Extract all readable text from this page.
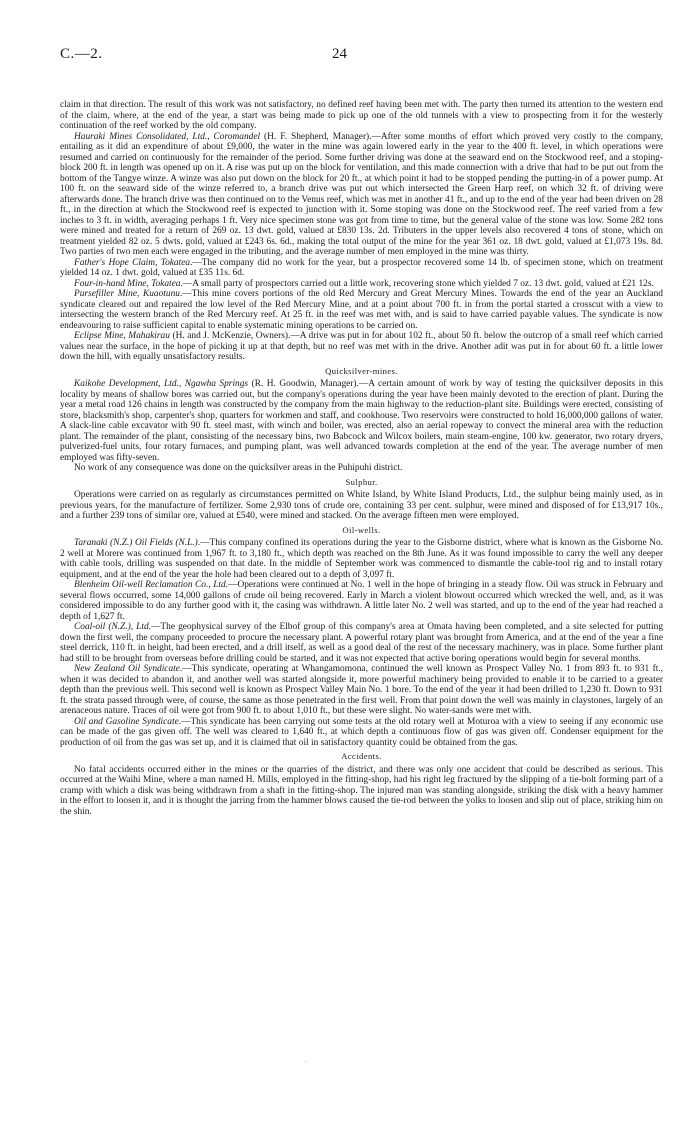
C.—2.	24

claim in that direction. The result of this work was not satisfactory, no defined reef having been met with. The party then turned its attention to the western end of the claim, where, at the end of the year, a start was being made to pick up one of the old tunnels with a view to prospecting from it for the westerly continuation of the reef worked by the old company.

Hauraki Mines Consolidated, Ltd., Coromandel (H. F. Shepherd, Manager).—After some months of effort which proved very costly to the company, entailing as it did an expenditure of about £9,000, the water in the mine was again lowered early in the year to the 400 ft. level, in which operations were resumed and carried on continuously for the remainder of the period. Some further driving was done at the seaward end on the Stockwood reef, and a stoping-block 200 ft. in length was opened up on it. A rise was put up on the block for ventilation, and this made connection with a drive that had to be put out from the bottom of the Tangye winze. A winze was also put down on the block for 20 ft., at which point it had to be stopped pending the putting-in of a power pump. At 100 ft. on the seaward side of the winze referred to, a branch drive was put out which intersected the Green Harp reef, on which 32 ft. of driving were afterwards done. The branch drive was then continued on to the Venus reef, which was met in another 41 ft., and up to the end of the year had been driven on 28 ft., in the direction at which the Stockwood reef is expected to junction with it. Some stoping was done on the Stockwood reef. The reef varied from a few inches to 3 ft. in width, averaging perhaps 1 ft. Very nice specimen stone was got from time to time, but the general value of the stone was low. Some 282 tons were mined and treated for a return of 269 oz. 13 dwt. gold, valued at £830 13s. 2d. Tributers in the upper levels also recovered 4 tons of stone, which on treatment yielded 82 oz. 5 dwts. gold, valued at £243 6s. 6d., making the total output of the mine for the year 361 oz. 18 dwt. gold, valued at £1,073 19s. 8d. Two parties of two men each were engaged in the tributing, and the average number of men employed in the mine was thirty.

Father's Hope Claim, Tokatea.—The company did no work for the year, but a prospector recovered some 14 lb. of specimen stone, which on treatment yielded 14 oz. 1 dwt. gold, valued at £35 11s. 6d.

Four-in-hand Mine, Tokatea.—A small party of prospectors carried out a little work, recovering stone which yielded 7 oz. 13 dwt. gold, valued at £21 12s.

Pursefiller Mine, Kuaotunu.—This mine covers portions of the old Red Mercury and Great Mercury Mines. Towards the end of the year an Auckland syndicate cleared out and repaired the low level of the Red Mercury Mine, and at a point about 700 ft. in from the portal started a crosscut with a view to intersecting the western branch of the Red Mercury reef. At 25 ft. in the reef was met with, and is said to have carried payable values. The syndicate is now endeavouring to raise sufficient capital to enable systematic mining operations to be carried on.

Eclipse Mine, Mahakirau (H. and J. McKenzie, Owners).—A drive was put in for about 102 ft., about 50 ft. below the outcrop of a small reef which carried values near the surface, in the hope of picking it up at that depth, but no reef was met with in the drive. Another adit was put in for about 60 ft. a little lower down the hill, with equally unsatisfactory results.

Quicksilver-mines.

Kaikohe Development, Ltd., Ngawha Springs (R. H. Goodwin, Manager).—A certain amount of work by way of testing the quicksilver deposits in this locality by means of shallow bores was carried out, but the company's operations during the year have been mainly devoted to the erection of plant. During the year a metal road 126 chains in length was constructed by the company from the main highway to the reduction-plant site. Buildings were erected, consisting of store, blacksmith's shop, carpenter's shop, quarters for workmen and staff, and cookhouse. Two reservoirs were constructed to hold 16,000,000 gallons of water. A slack-line cable excavator with 90 ft. steel mast, with winch and boiler, was erected, also an aerial ropeway to convect the mineral area with the reduction plant. The remainder of the plant, consisting of the necessary bins, two Babcock and Wilcox boilers, main steam-engine, 100 kw. generator, two rotary dryers, pulverized-fuel units, four rotary furnaces, and pumping plant, was well advanced towards completion at the end of the year. The average number of men employed was fifty-seven.

No work of any consequence was done on the quicksilver areas in the Puhipuhi district.

Sulphur.

Operations were carried on as regularly as circumstances permitted on White Island, by White Island Products, Ltd., the sulphur being mainly used, as in previous years, for the manufacture of fertilizer. Some 2,930 tons of crude ore, containing 33 per cent. sulphur, were mined and disposed of for £13,917 10s., and a further 239 tons of similar ore, valued at £540, were mined and stacked. On the average fifteen men were employed.

Oil-wells.

Taranaki (N.Z.) Oil Fields (N.L.).—This company confined its operations during the year to the Gisborne district, where what is known as the Gisborne No. 2 well at Morere was continued from 1,967 ft. to 3,180 ft., which depth was reached on the 8th June. As it was found impossible to carry the well any deeper with cable tools, drilling was suspended on that date. In the middle of September work was commenced to dismantle the cable-tool rig and to install rotary equipment, and at the end of the year the hole had been cleared out to a depth of 3,097 ft.

Blenheim Oil-well Reclamation Co., Ltd.—Operations were continued at No. 1 well in the hope of bringing in a steady flow. Oil was struck in February and several flows occurred, some 14,000 gallons of crude oil being recovered. Early in March a violent blowout occurred which wrecked the well, and, as it was considered impossible to do any further good with it, the casing was withdrawn. A little later No. 2 well was started, and up to the end of the year had reached a depth of 1,627 ft.

Coal-oil (N.Z.), Ltd.—The geophysical survey of the Elbof group of this company's area at Omata having been completed, and a site selected for putting down the first well, the company proceeded to procure the necessary plant. A powerful rotary plant was brought from America, and at the end of the year a fine steel derrick, 110 ft. in height, had been erected, and a drill itself, as well as a good deal of the rest of the necessary machinery, was in place. Some further plant had still to be brought from overseas before drilling could be started, and it was not expected that active boring operations would begin for several months.

New Zealand Oil Syndicate.—This syndicate, operating at Whangamomona, continued the well known as Prospect Valley No. 1 from 893 ft. to 931 ft., when it was decided to abandon it, and another well was started alongside it, more powerful machinery being provided to enable it to be carried to a greater depth than the previous well. This second well is known as Prospect Valley Main No. 1 bore. To the end of the year it had been drilled to 1,230 ft. Down to 931 ft. the strata passed through were, of course, the same as those penetrated in the first well. From that point down the well was mainly in claystones, largely of an arenaceous nature. Traces of oil were got from 900 ft. to about 1,010 ft., but these were slight. No water-sands were met with.

Oil and Gasoline Syndicate.—This syndicate has been carrying out some tests at the old rotary well at Moturoa with a view to seeing if any economic use can be made of the gas given off. The well was cleared to 1,640 ft., at which depth a continuous flow of gas was given off. Condenser equipment for the production of oil from the gas was set up, and it is claimed that oil in satisfactory quantity could be obtained from the gas.

Accidents.

No fatal accidents occurred either in the mines or the quarries of the district, and there was only one accident that could be described as serious. This occurred at the Waihi Mine, where a man named H. Mills, employed in the fitting-shop, had his right leg fractured by the slipping of a tie-bolt forming part of a cramp with which a disk was being withdrawn from a shaft in the fitting-shop. The injured man was standing alongside, striking the disk with a heavy hammer in the effort to loosen it, and it is thought the jarring from the hammer blows caused the tie-rod between the yolks to loosen and slip out of place, striking him on the shin.

.
